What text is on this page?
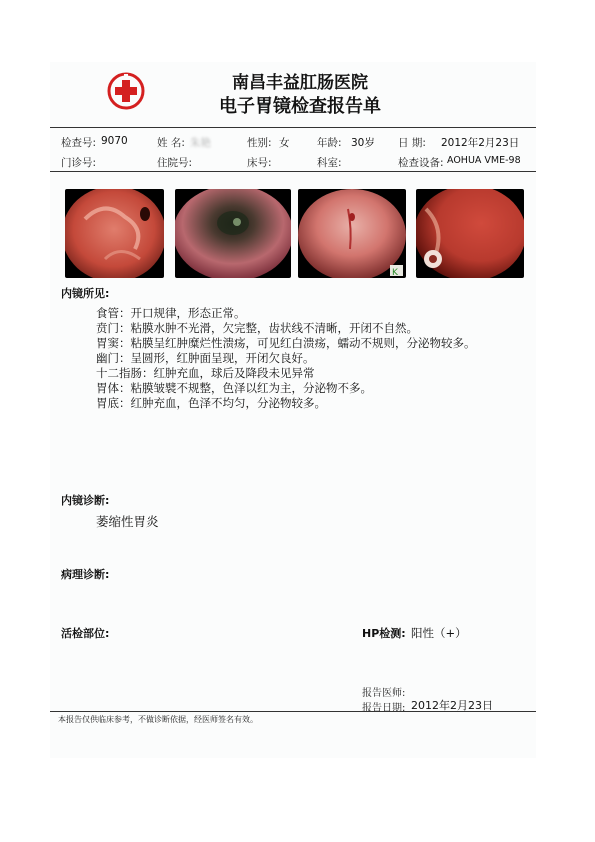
南昌丰益肛肠医院
电子胃镜检查报告单
检查号: 9070	姓 名: 朱艳	性别: 女	年龄: 30岁 日 期: 2012年2月23日
门诊号:	住院号:	床号:	科室:	检查设备: AOHUA VME-98
K
内镜所见:
食管：开口规律，形态正常。
贲门：粘膜水肿不光滑，欠完整，齿状线不清晰，开闭不自然。
胃窦：粘膜呈红肿糜烂性溃疡，可见红白溃疡，蠕动不规则，分泌物较多。
幽门：呈圆形，红肿面呈现，开闭欠良好。
十二指肠：红肿充血，球后及降段未见异常
胃体：粘膜皱襞不规整，色泽以红为主，分泌物不多。
胃底：红肿充血，色泽不均匀，分泌物较多。
内镜诊断:
萎缩性胃炎
病理诊断:
活检部位:	HP检测: 阳性（+）
报告医师:
报告日期: 2012年2月23日
本报告仅供临床参考，不做诊断依据，经医师签名有效。
